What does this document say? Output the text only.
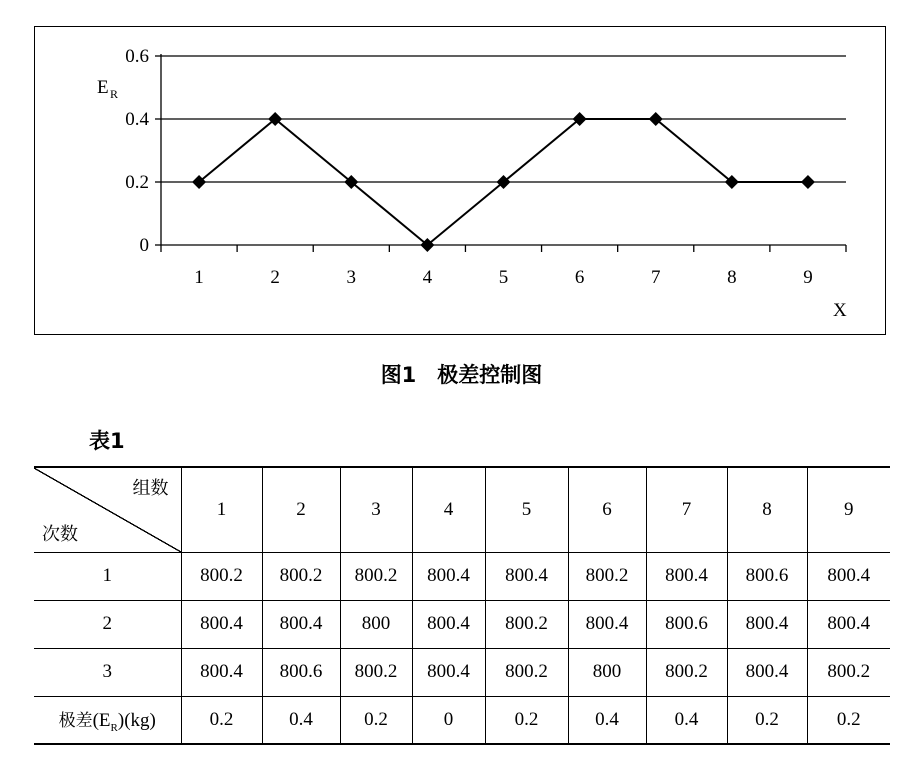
0
0.2
0.4
0.6
1	2	3	4	5	6	7	8	9
E R
X
图1　极差控制图
表1
组数
次数	1	2	3	4	5	6	7	8	9
1	800.2	800.2	800.2	800.4	800.4	800.2	800.4	800.6	800.4
2	800.4	800.4	800	800.4	800.2	800.4	800.6	800.4	800.4
3	800.4	800.6	800.2	800.4	800.2	800	800.2	800.4	800.2
极差$(E_R)(kg)$	0.2	0.4	0.2	0	0.2	0.4	0.4	0.2	0.2
